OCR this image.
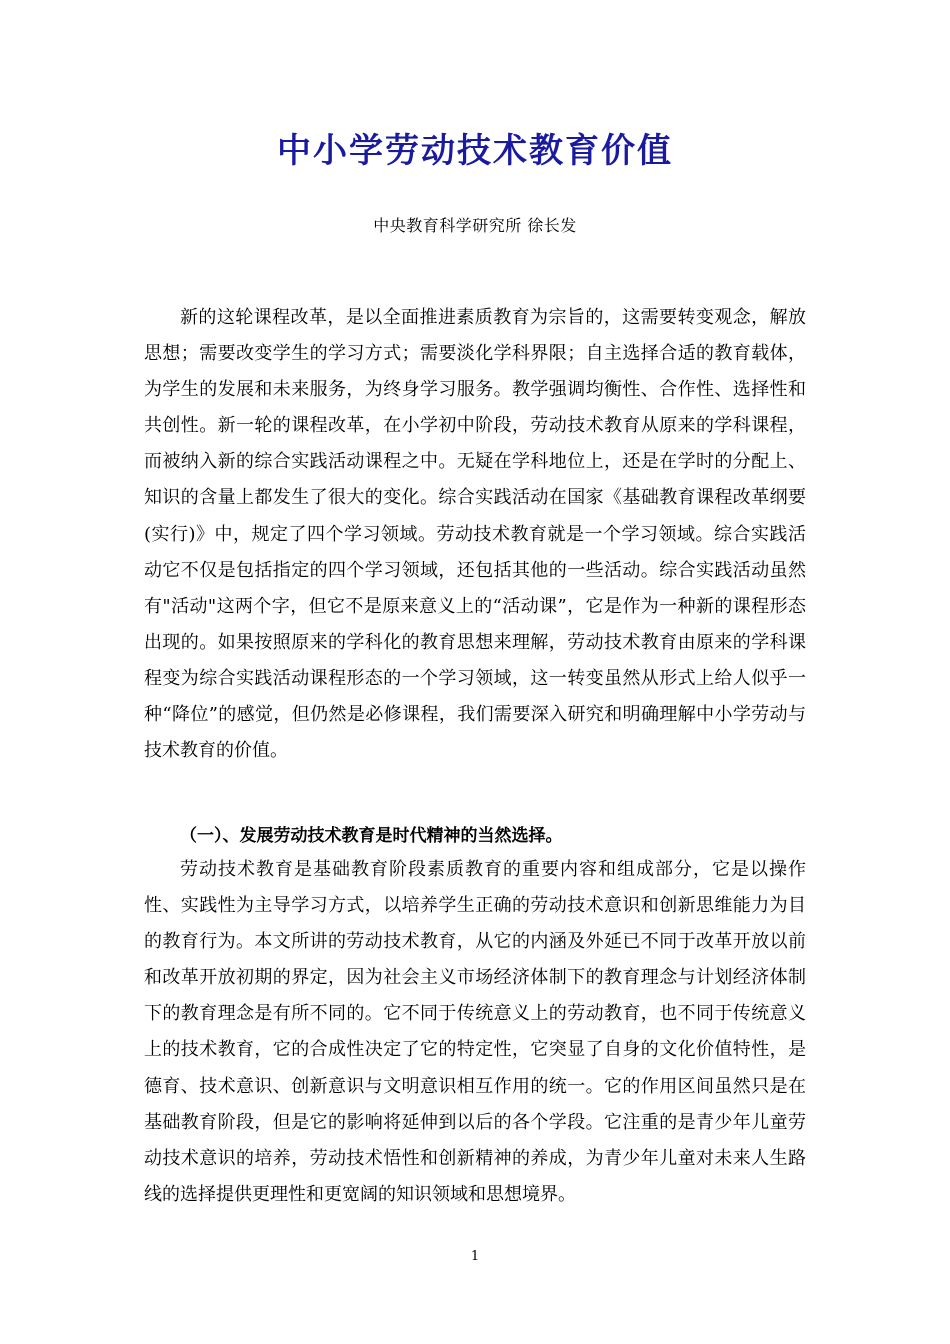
中小学劳动技术教育价值

中央教育科学研究所 徐长发

新的这轮课程改革，是以全面推进素质教育为宗旨的，这需要转变观念，解放思想；需要改变学生的学习方式；需要淡化学科界限；自主选择合适的教育载体，为学生的发展和未来服务，为终身学习服务。教学强调均衡性、合作性、选择性和共创性。新一轮的课程改革，在小学初中阶段，劳动技术教育从原来的学科课程，而被纳入新的综合实践活动课程之中。无疑在学科地位上，还是在学时的分配上、知识的含量上都发生了很大的变化。综合实践活动在国家《基础教育课程改革纲要(实行)》中，规定了四个学习领域。劳动技术教育就是一个学习领域。综合实践活动它不仅是包括指定的四个学习领域，还包括其他的一些活动。综合实践活动虽然有"活动"这两个字，但它不是原来意义上的“活动课”，它是作为一种新的课程形态出现的。如果按照原来的学科化的教育思想来理解，劳动技术教育由原来的学科课程变为综合实践活动课程形态的一个学习领域，这一转变虽然从形式上给人似乎一种“降位”的感觉，但仍然是必修课程，我们需要深入研究和明确理解中小学劳动与技术教育的价值。

（一）、发展劳动技术教育是时代精神的当然选择。

劳动技术教育是基础教育阶段素质教育的重要内容和组成部分，它是以操作性、实践性为主导学习方式，以培养学生正确的劳动技术意识和创新思维能力为目的教育行为。本文所讲的劳动技术教育，从它的内涵及外延已不同于改革开放以前和改革开放初期的界定，因为社会主义市场经济体制下的教育理念与计划经济体制下的教育理念是有所不同的。它不同于传统意义上的劳动教育，也不同于传统意义上的技术教育，它的合成性决定了它的特定性，它突显了自身的文化价值特性，是德育、技术意识、创新意识与文明意识相互作用的统一。它的作用区间虽然只是在基础教育阶段，但是它的影响将延伸到以后的各个学段。它注重的是青少年儿童劳动技术意识的培养，劳动技术悟性和创新精神的养成，为青少年儿童对未来人生路线的选择提供更理性和更宽阔的知识领域和思想境界。

1
